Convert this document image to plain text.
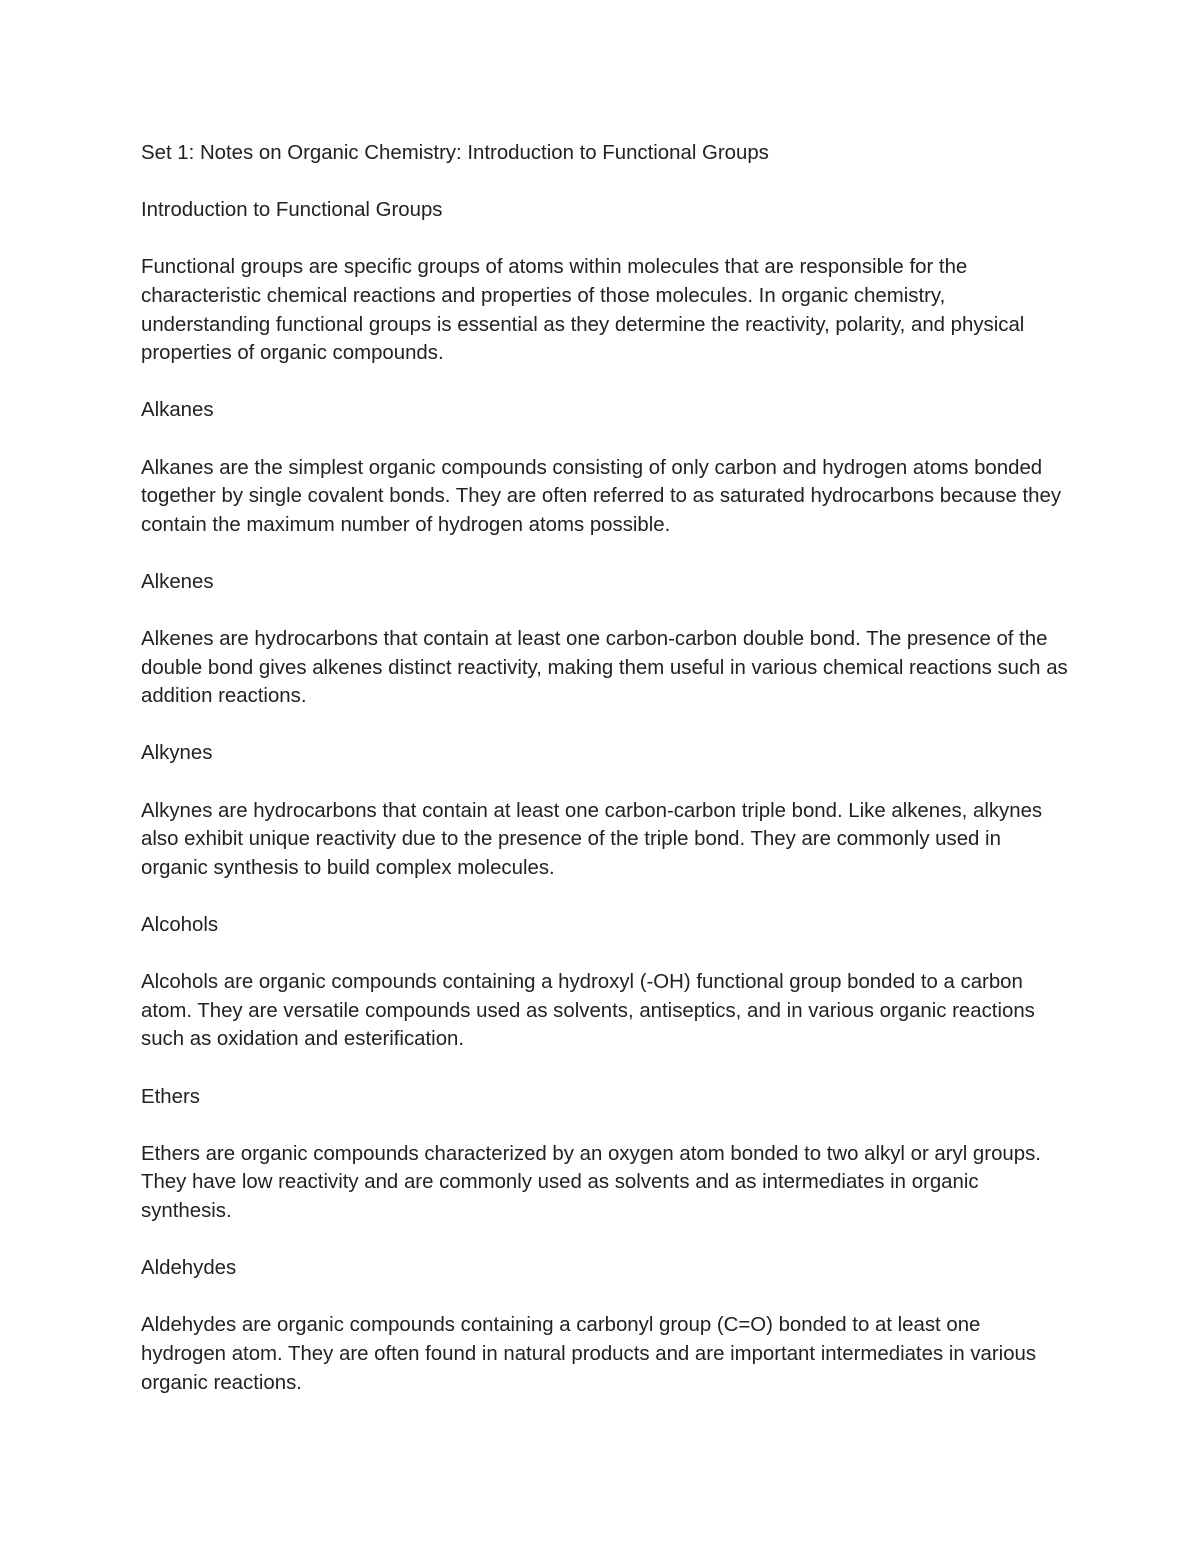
Set 1: Notes on Organic Chemistry: Introduction to Functional Groups

Introduction to Functional Groups

Functional groups are specific groups of atoms within molecules that are responsible for the characteristic chemical reactions and properties of those molecules. In organic chemistry, understanding functional groups is essential as they determine the reactivity, polarity, and physical properties of organic compounds.

Alkanes

Alkanes are the simplest organic compounds consisting of only carbon and hydrogen atoms bonded together by single covalent bonds. They are often referred to as saturated hydrocarbons because they contain the maximum number of hydrogen atoms possible.

Alkenes

Alkenes are hydrocarbons that contain at least one carbon-carbon double bond. The presence of the double bond gives alkenes distinct reactivity, making them useful in various chemical reactions such as addition reactions.

Alkynes

Alkynes are hydrocarbons that contain at least one carbon-carbon triple bond. Like alkenes, alkynes also exhibit unique reactivity due to the presence of the triple bond. They are commonly used in organic synthesis to build complex molecules.

Alcohols

Alcohols are organic compounds containing a hydroxyl (-OH) functional group bonded to a carbon atom. They are versatile compounds used as solvents, antiseptics, and in various organic reactions such as oxidation and esterification.

Ethers

Ethers are organic compounds characterized by an oxygen atom bonded to two alkyl or aryl groups. They have low reactivity and are commonly used as solvents and as intermediates in organic synthesis.

Aldehydes

Aldehydes are organic compounds containing a carbonyl group (C=O) bonded to at least one hydrogen atom. They are often found in natural products and are important intermediates in various organic reactions.
